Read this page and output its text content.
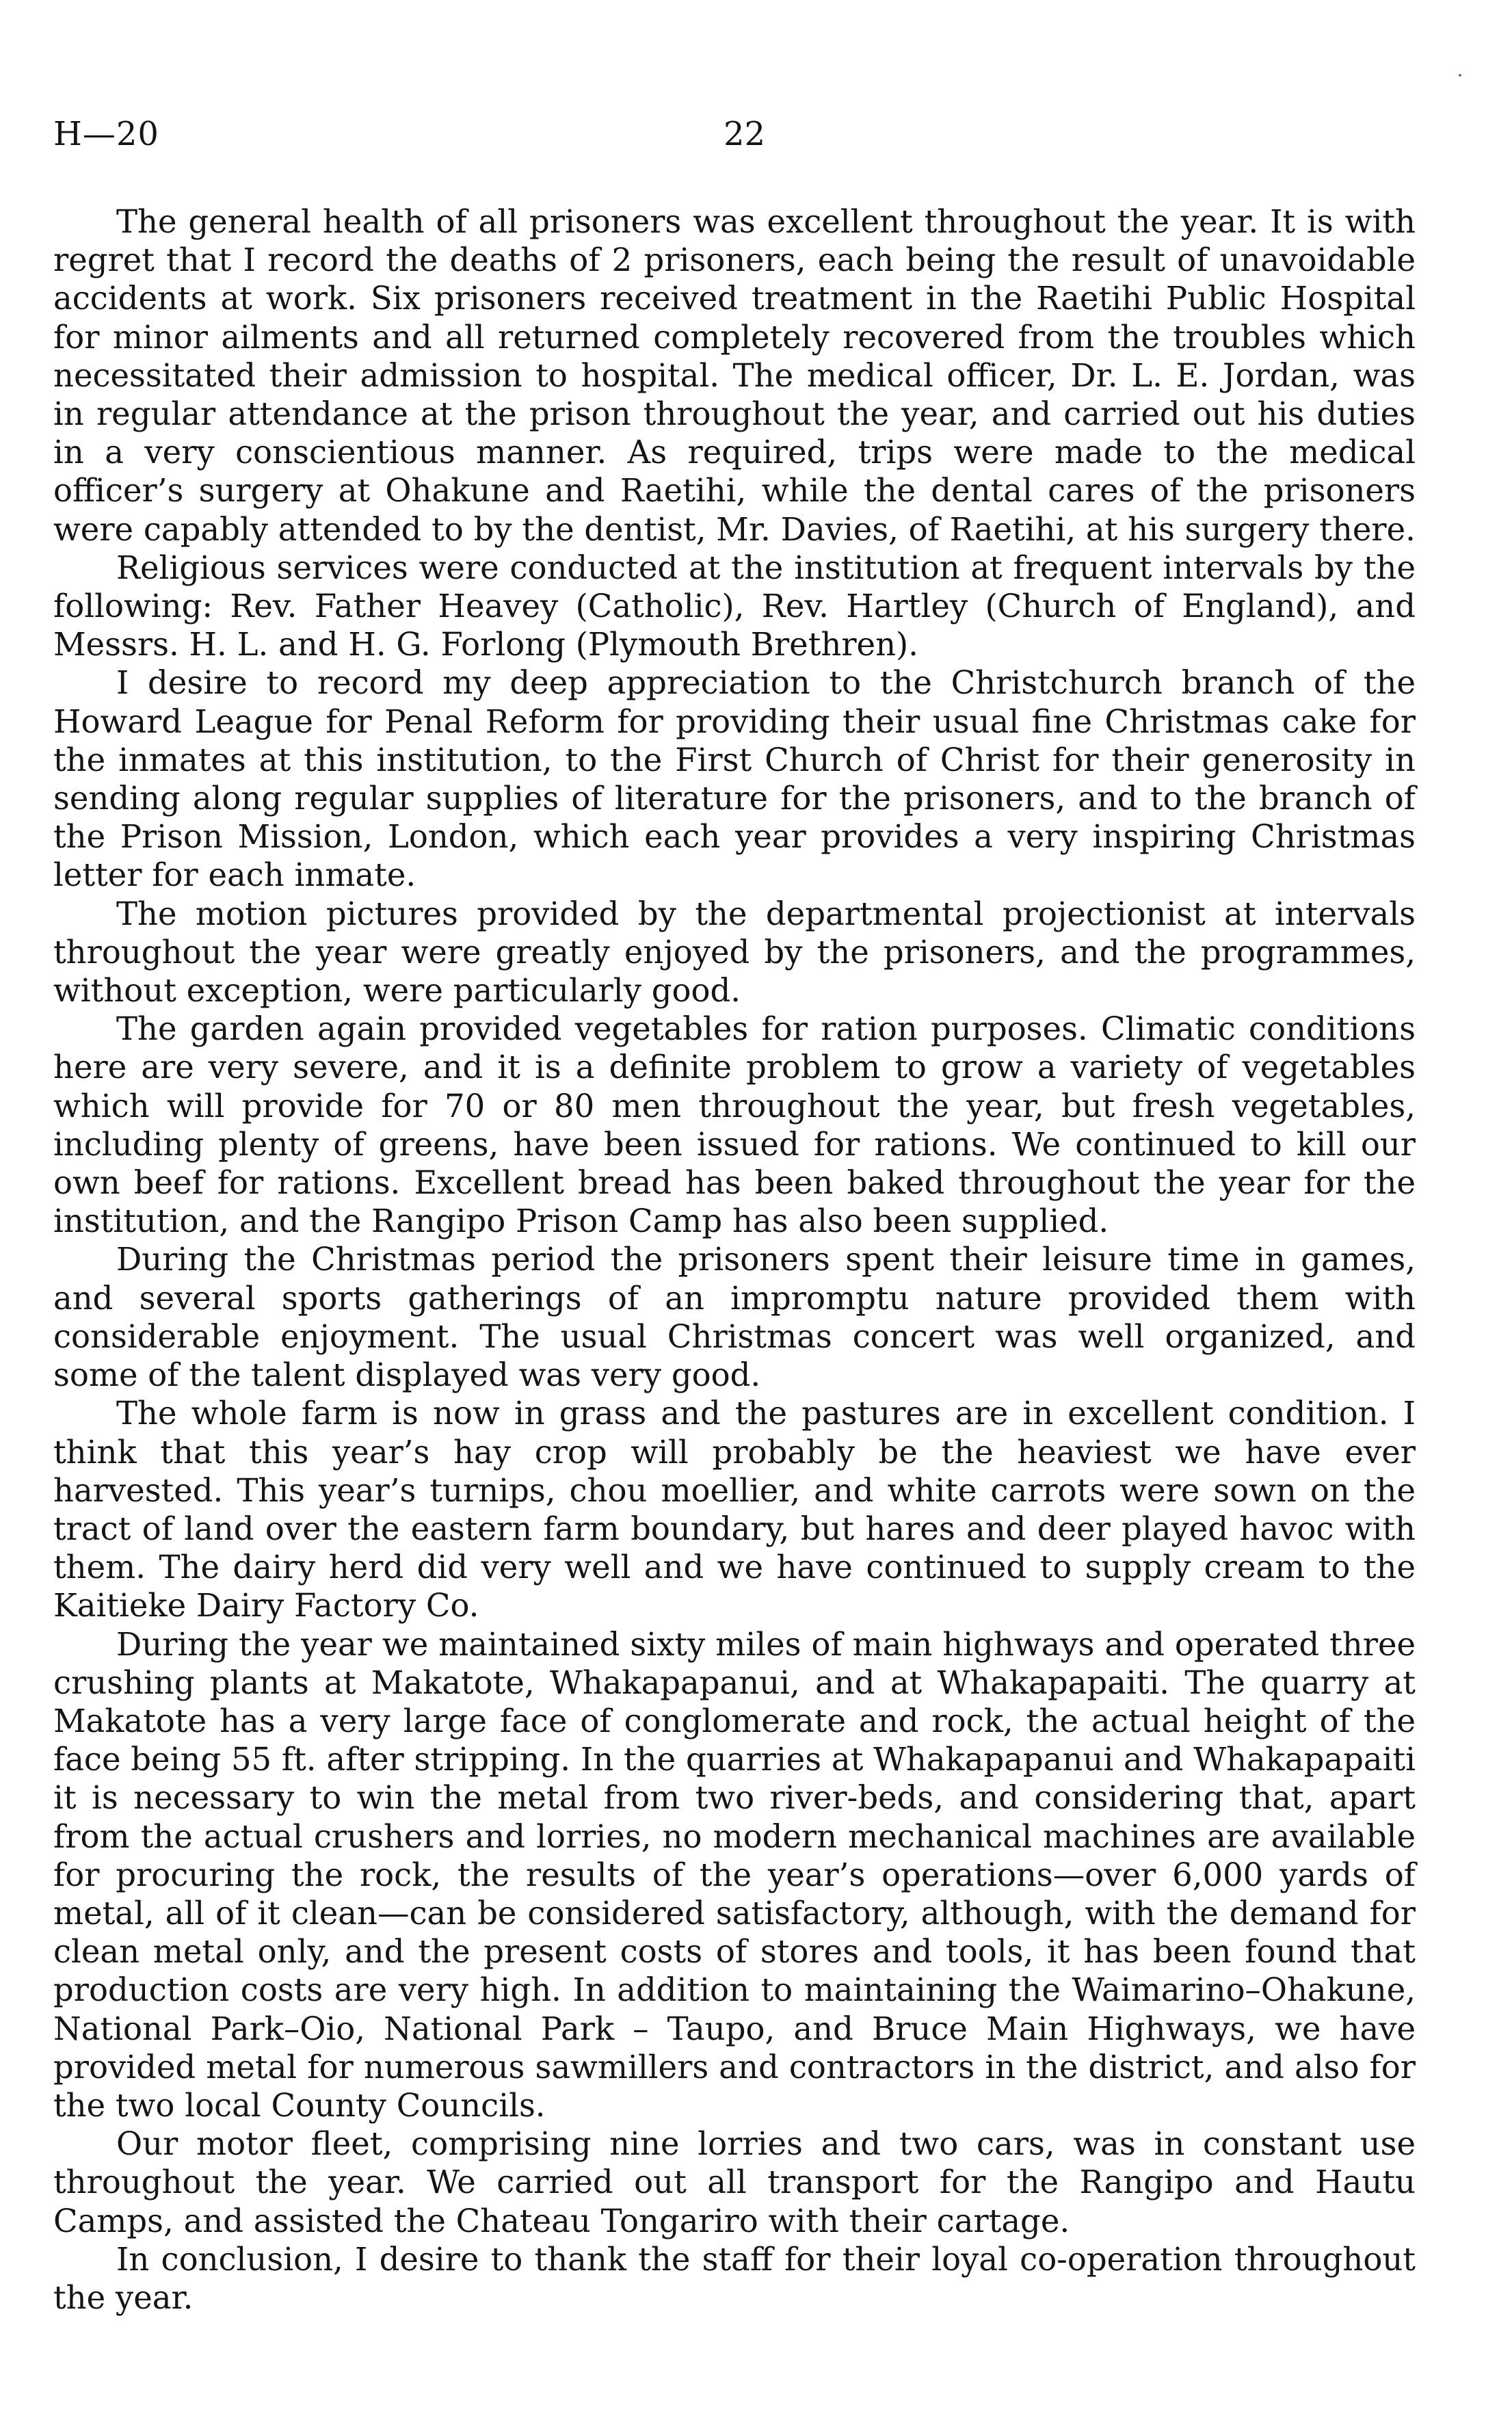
H—20	22

The general health of all prisoners was excellent throughout the year. It is with regret that I record the deaths of 2 prisoners, each being the result of unavoidable accidents at work. Six prisoners received treatment in the Raetihi Public Hospital for minor ailments and all returned completely recovered from the troubles which necessitated their admission to hospital. The medical officer, Dr. L. E. Jordan, was in regular attendance at the prison throughout the year, and carried out his duties in a very conscientious manner. As required, trips were made to the medical officer’s surgery at Ohakune and Raetihi, while the dental cares of the prisoners were capably attended to by the dentist, Mr. Davies, of Raetihi, at his surgery there.

Religious services were conducted at the institution at frequent intervals by the following: Rev. Father Heavey (Catholic), Rev. Hartley (Church of England), and Messrs. H. L. and H. G. Forlong (Plymouth Brethren).

I desire to record my deep appreciation to the Christchurch branch of the Howard League for Penal Reform for providing their usual fine Christmas cake for the inmates at this institution, to the First Church of Christ for their generosity in sending along regular supplies of literature for the prisoners, and to the branch of the Prison Mission, London, which each year provides a very inspiring Christmas letter for each inmate.

The motion pictures provided by the departmental projectionist at intervals throughout the year were greatly enjoyed by the prisoners, and the programmes, without exception, were particularly good.

The garden again provided vegetables for ration purposes. Climatic conditions here are very severe, and it is a definite problem to grow a variety of vegetables which will provide for 70 or 80 men throughout the year, but fresh vegetables, including plenty of greens, have been issued for rations. We continued to kill our own beef for rations. Excellent bread has been baked throughout the year for the institution, and the Rangipo Prison Camp has also been supplied.

During the Christmas period the prisoners spent their leisure time in games, and several sports gatherings of an impromptu nature provided them with considerable enjoyment. The usual Christmas concert was well organized, and some of the talent displayed was very good.

The whole farm is now in grass and the pastures are in excellent condition. I think that this year’s hay crop will probably be the heaviest we have ever harvested. This year’s turnips, chou moellier, and white carrots were sown on the tract of land over the eastern farm boundary, but hares and deer played havoc with them. The dairy herd did very well and we have continued to supply cream to the Kaitieke Dairy Factory Co.

During the year we maintained sixty miles of main highways and operated three crushing plants at Makatote, Whakapapanui, and at Whakapapaiti. The quarry at Makatote has a very large face of conglomerate and rock, the actual height of the face being 55 ft. after stripping. In the quarries at Whakapapanui and Whakapapaiti it is necessary to win the metal from two river-beds, and considering that, apart from the actual crushers and lorries, no modern mechanical machines are available for procuring the rock, the results of the year’s operations—over 6,000 yards of metal, all of it clean—can be considered satisfactory, although, with the demand for clean metal only, and the present costs of stores and tools, it has been found that production costs are very high. In addition to maintaining the Waimarino–Ohakune, National Park–Oio, National Park – Taupo, and Bruce Main Highways, we have provided metal for numerous sawmillers and contractors in the district, and also for the two local County Councils.

Our motor fleet, comprising nine lorries and two cars, was in constant use throughout the year. We carried out all transport for the Rangipo and Hautu Camps, and assisted the Chateau Tongariro with their cartage.

In conclusion, I desire to thank the staff for their loyal co-operation throughout the year.
